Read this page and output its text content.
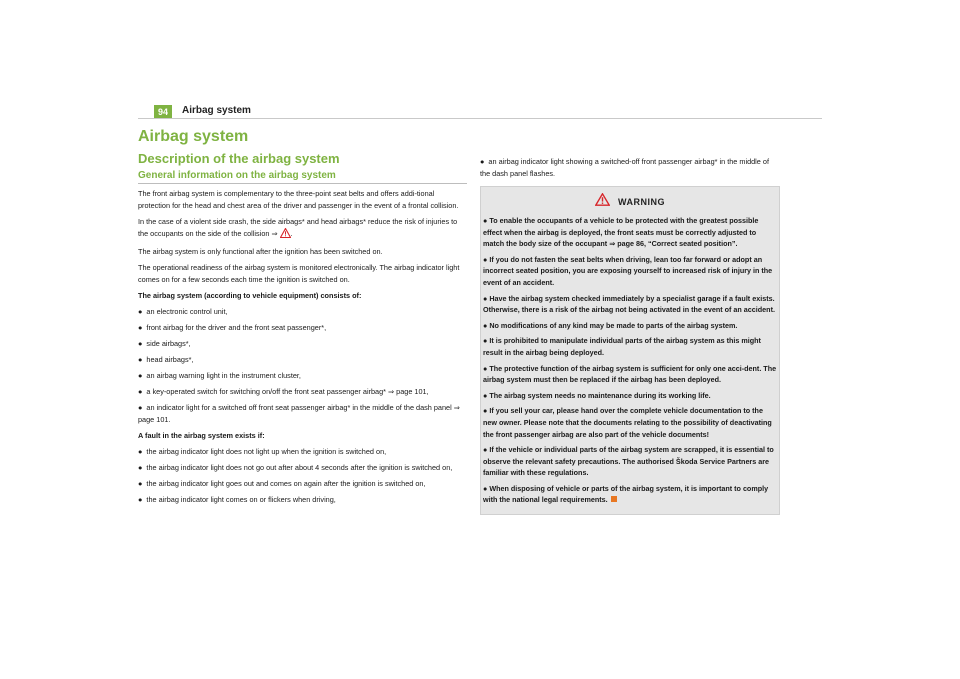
94	Airbag system
Airbag system
Description of the airbag system
General information on the airbag system

The front airbag system is complementary to the three-point seat belts and offers addi-tional protection for the head and chest area of the driver and passenger in the event of a frontal collision.

In the case of a violent side crash, the side airbags* and head airbags* reduce the risk of injuries to the occupants on the side of the collision ⇒ .

The airbag system is only functional after the ignition has been switched on.

The operational readiness of the airbag system is monitored electronically. The airbag indicator light comes on for a few seconds each time the ignition is switched on.

The airbag system (according to vehicle equipment) consists of:

● an electronic control unit,
● front airbag for the driver and the front seat passenger*,
● side airbags*,
● head airbags*,
● an airbag warning light in the instrument cluster,
● a key-operated switch for switching on/off the front seat passenger airbag* ⇒ page 101,
● an indicator light for a switched off front seat passenger airbag* in the middle of the dash panel ⇒ page 101.

A fault in the airbag system exists if:

● the airbag indicator light does not light up when the ignition is switched on,
● the airbag indicator light does not go out after about 4 seconds after the ignition is switched on,
● the airbag indicator light goes out and comes on again after the ignition is switched on,
● the airbag indicator light comes on or flickers when driving,
● an airbag indicator light showing a switched-off front passenger airbag* in the middle of the dash panel flashes.
WARNING
● To enable the occupants of a vehicle to be protected with the greatest possible effect when the airbag is deployed, the front seats must be correctly adjusted to match the body size of the occupant ⇒ page 86, “Correct seated position”.
● If you do not fasten the seat belts when driving, lean too far forward or adopt an incorrect seated position, you are exposing yourself to increased risk of injury in the event of an accident.
● Have the airbag system checked immediately by a specialist garage if a fault exists. Otherwise, there is a risk of the airbag not being activated in the event of an accident.
● No modifications of any kind may be made to parts of the airbag system.
● It is prohibited to manipulate individual parts of the airbag system as this might result in the airbag being deployed.
● The protective function of the airbag system is sufficient for only one acci-dent. The airbag system must then be replaced if the airbag has been deployed.
● The airbag system needs no maintenance during its working life.
● If you sell your car, please hand over the complete vehicle documentation to the new owner. Please note that the documents relating to the possibility of deactivating the front passenger airbag are also part of the vehicle documents!
● If the vehicle or individual parts of the airbag system are scrapped, it is essential to observe the relevant safety precautions. The authorised Škoda Service Partners are familiar with these regulations.
● When disposing of vehicle or parts of the airbag system, it is important to comply with the national legal requirements.
